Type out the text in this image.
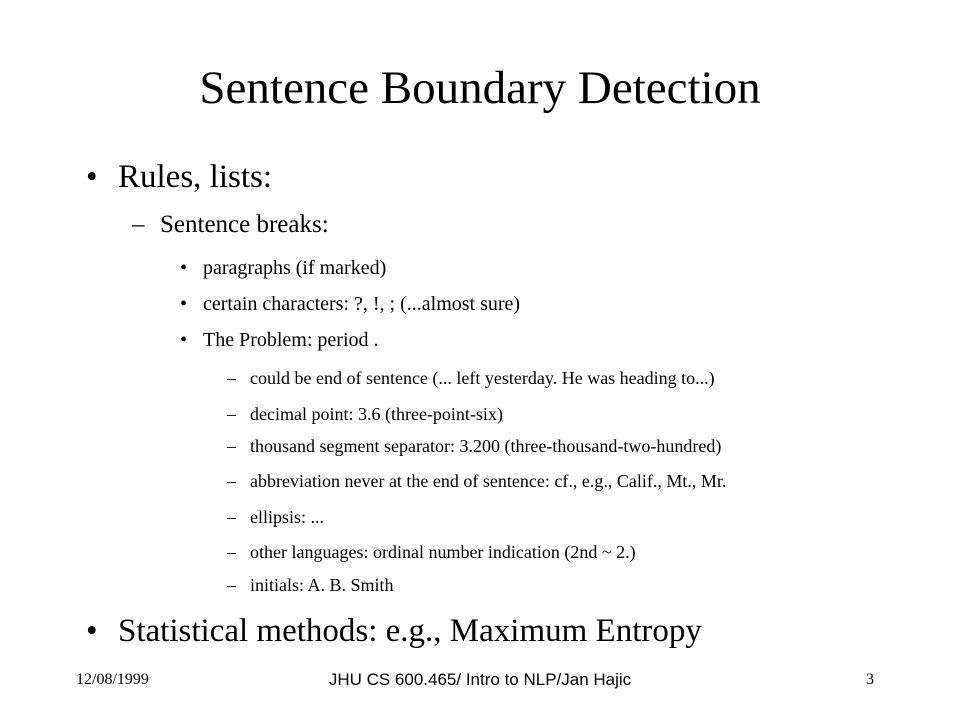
Sentence Boundary Detection
• Rules, lists:
– Sentence breaks:
• paragraphs (if marked)
• certain characters: ?, !, ; (...almost sure)
• The Problem: period .
– could be end of sentence (... left yesterday. He was heading to...)
– decimal point: 3.6 (three-point-six)
– thousand segment separator: 3.200 (three-thousand-two-hundred)
– abbreviation never at the end of sentence: cf., e.g., Calif., Mt., Mr.
– ellipsis: ...
– other languages: ordinal number indication (2nd ~ 2.)
– initials: A. B. Smith
• Statistical methods: e.g., Maximum Entropy
12/08/1999	JHU CS 600.465/ Intro to NLP/Jan Hajic	3
